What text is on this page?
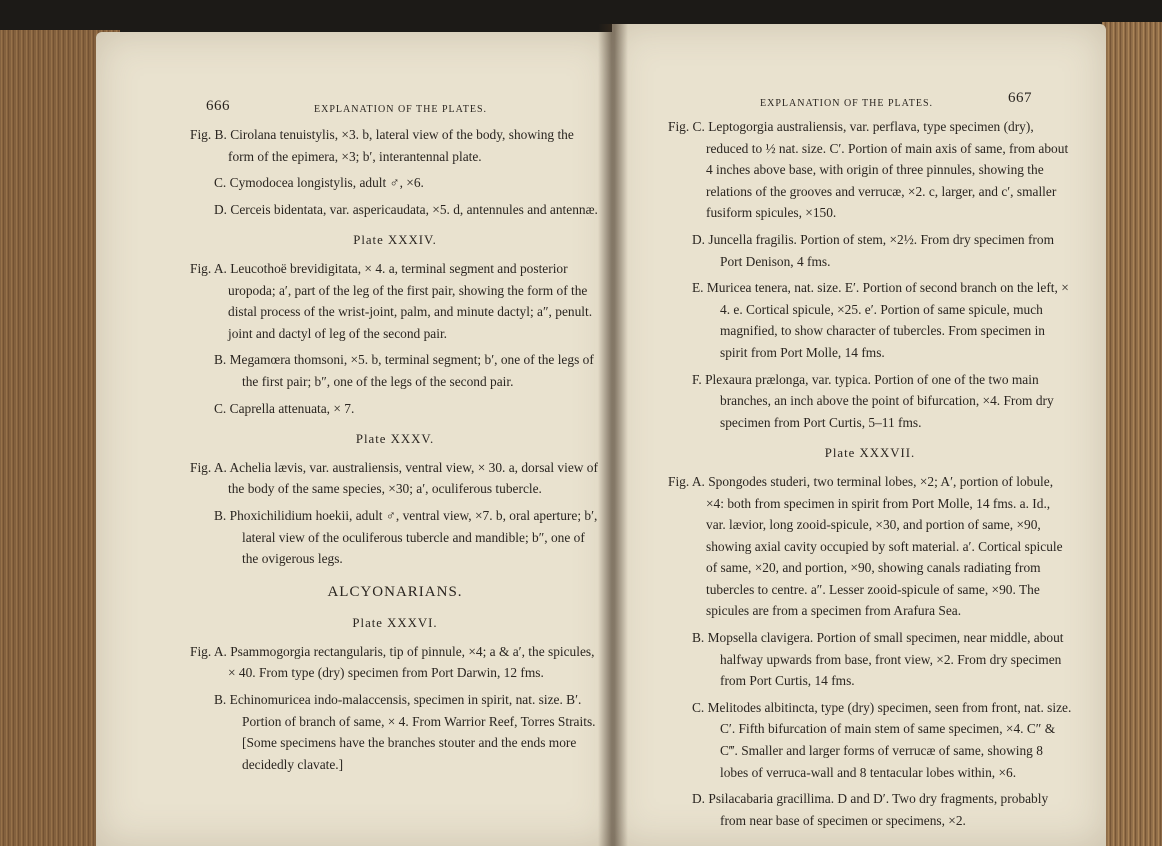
666	EXPLANATION OF THE PLATES.

Fig. B. Cirolana tenuistylis, ×3. b, lateral view of the body, showing the form of the epimera, ×3; b′, interantennal plate.

C. Cymodocea longistylis, adult ♂, ×6.

D. Cerceis bidentata, var. aspericaudata, ×5. d, antennules and antennæ.

Plate XXXIV.

Fig. A. Leucothoë brevidigitata, × 4. a, terminal segment and posterior uropoda; a′, part of the leg of the first pair, showing the form of the distal process of the wrist-joint, palm, and minute dactyl; a″, penult. joint and dactyl of leg of the second pair.

B. Megamœra thomsoni, ×5. b, terminal segment; b′, one of the legs of the first pair; b″, one of the legs of the second pair.

C. Caprella attenuata, × 7.

Plate XXXV.

Fig. A. Achelia lævis, var. australiensis, ventral view, × 30. a, dorsal view of the body of the same species, ×30; a′, oculiferous tubercle.

B. Phoxichilidium hoekii, adult ♂, ventral view, ×7. b, oral aperture; b′, lateral view of the oculiferous tubercle and mandible; b″, one of the ovigerous legs.

ALCYONARIANS.
Plate XXXVI.

Fig. A. Psammogorgia rectangularis, tip of pinnule, ×4; a & a′, the spicules, × 40. From type (dry) specimen from Port Darwin, 12 fms.

B. Echinomuricea indo-malaccensis, specimen in spirit, nat. size. B′. Portion of branch of same, × 4. From Warrior Reef, Torres Straits. [Some specimens have the branches stouter and the ends more decidedly clavate.]

EXPLANATION OF THE PLATES.	667

Fig. C. Leptogorgia australiensis, var. perflava, type specimen (dry), reduced to ½ nat. size. C′. Portion of main axis of same, from about 4 inches above base, with origin of three pinnules, showing the relations of the grooves and verrucæ, ×2. c, larger, and c′, smaller fusiform spicules, ×150.

D. Juncella fragilis. Portion of stem, ×2½. From dry specimen from Port Denison, 4 fms.

E. Muricea tenera, nat. size. E′. Portion of second branch on the left, × 4. e. Cortical spicule, ×25. e′. Portion of same spicule, much magnified, to show character of tubercles. From specimen in spirit from Port Molle, 14 fms.

F. Plexaura prælonga, var. typica. Portion of one of the two main branches, an inch above the point of bifurcation, ×4. From dry specimen from Port Curtis, 5–11 fms.

Plate XXXVII.

Fig. A. Spongodes studeri, two terminal lobes, ×2; A′, portion of lobule, ×4: both from specimen in spirit from Port Molle, 14 fms. a. Id., var. lævior, long zooid-spicule, ×30, and portion of same, ×90, showing axial cavity occupied by soft material. a′. Cortical spicule of same, ×20, and portion, ×90, showing canals radiating from tubercles to centre. a″. Lesser zooid-spicule of same, ×90. The spicules are from a specimen from Arafura Sea.

B. Mopsella clavigera. Portion of small specimen, near middle, about halfway upwards from base, front view, ×2. From dry specimen from Port Curtis, 14 fms.

C. Melitodes albitincta, type (dry) specimen, seen from front, nat. size. C′. Fifth bifurcation of main stem of same specimen, ×4. C″ & C‴. Smaller and larger forms of verrucæ of same, showing 8 lobes of verruca-wall and 8 tentacular lobes within, ×6.

D. Psilacabaria gracillima. D and D′. Two dry fragments, probably from near base of specimen or specimens, ×2.
